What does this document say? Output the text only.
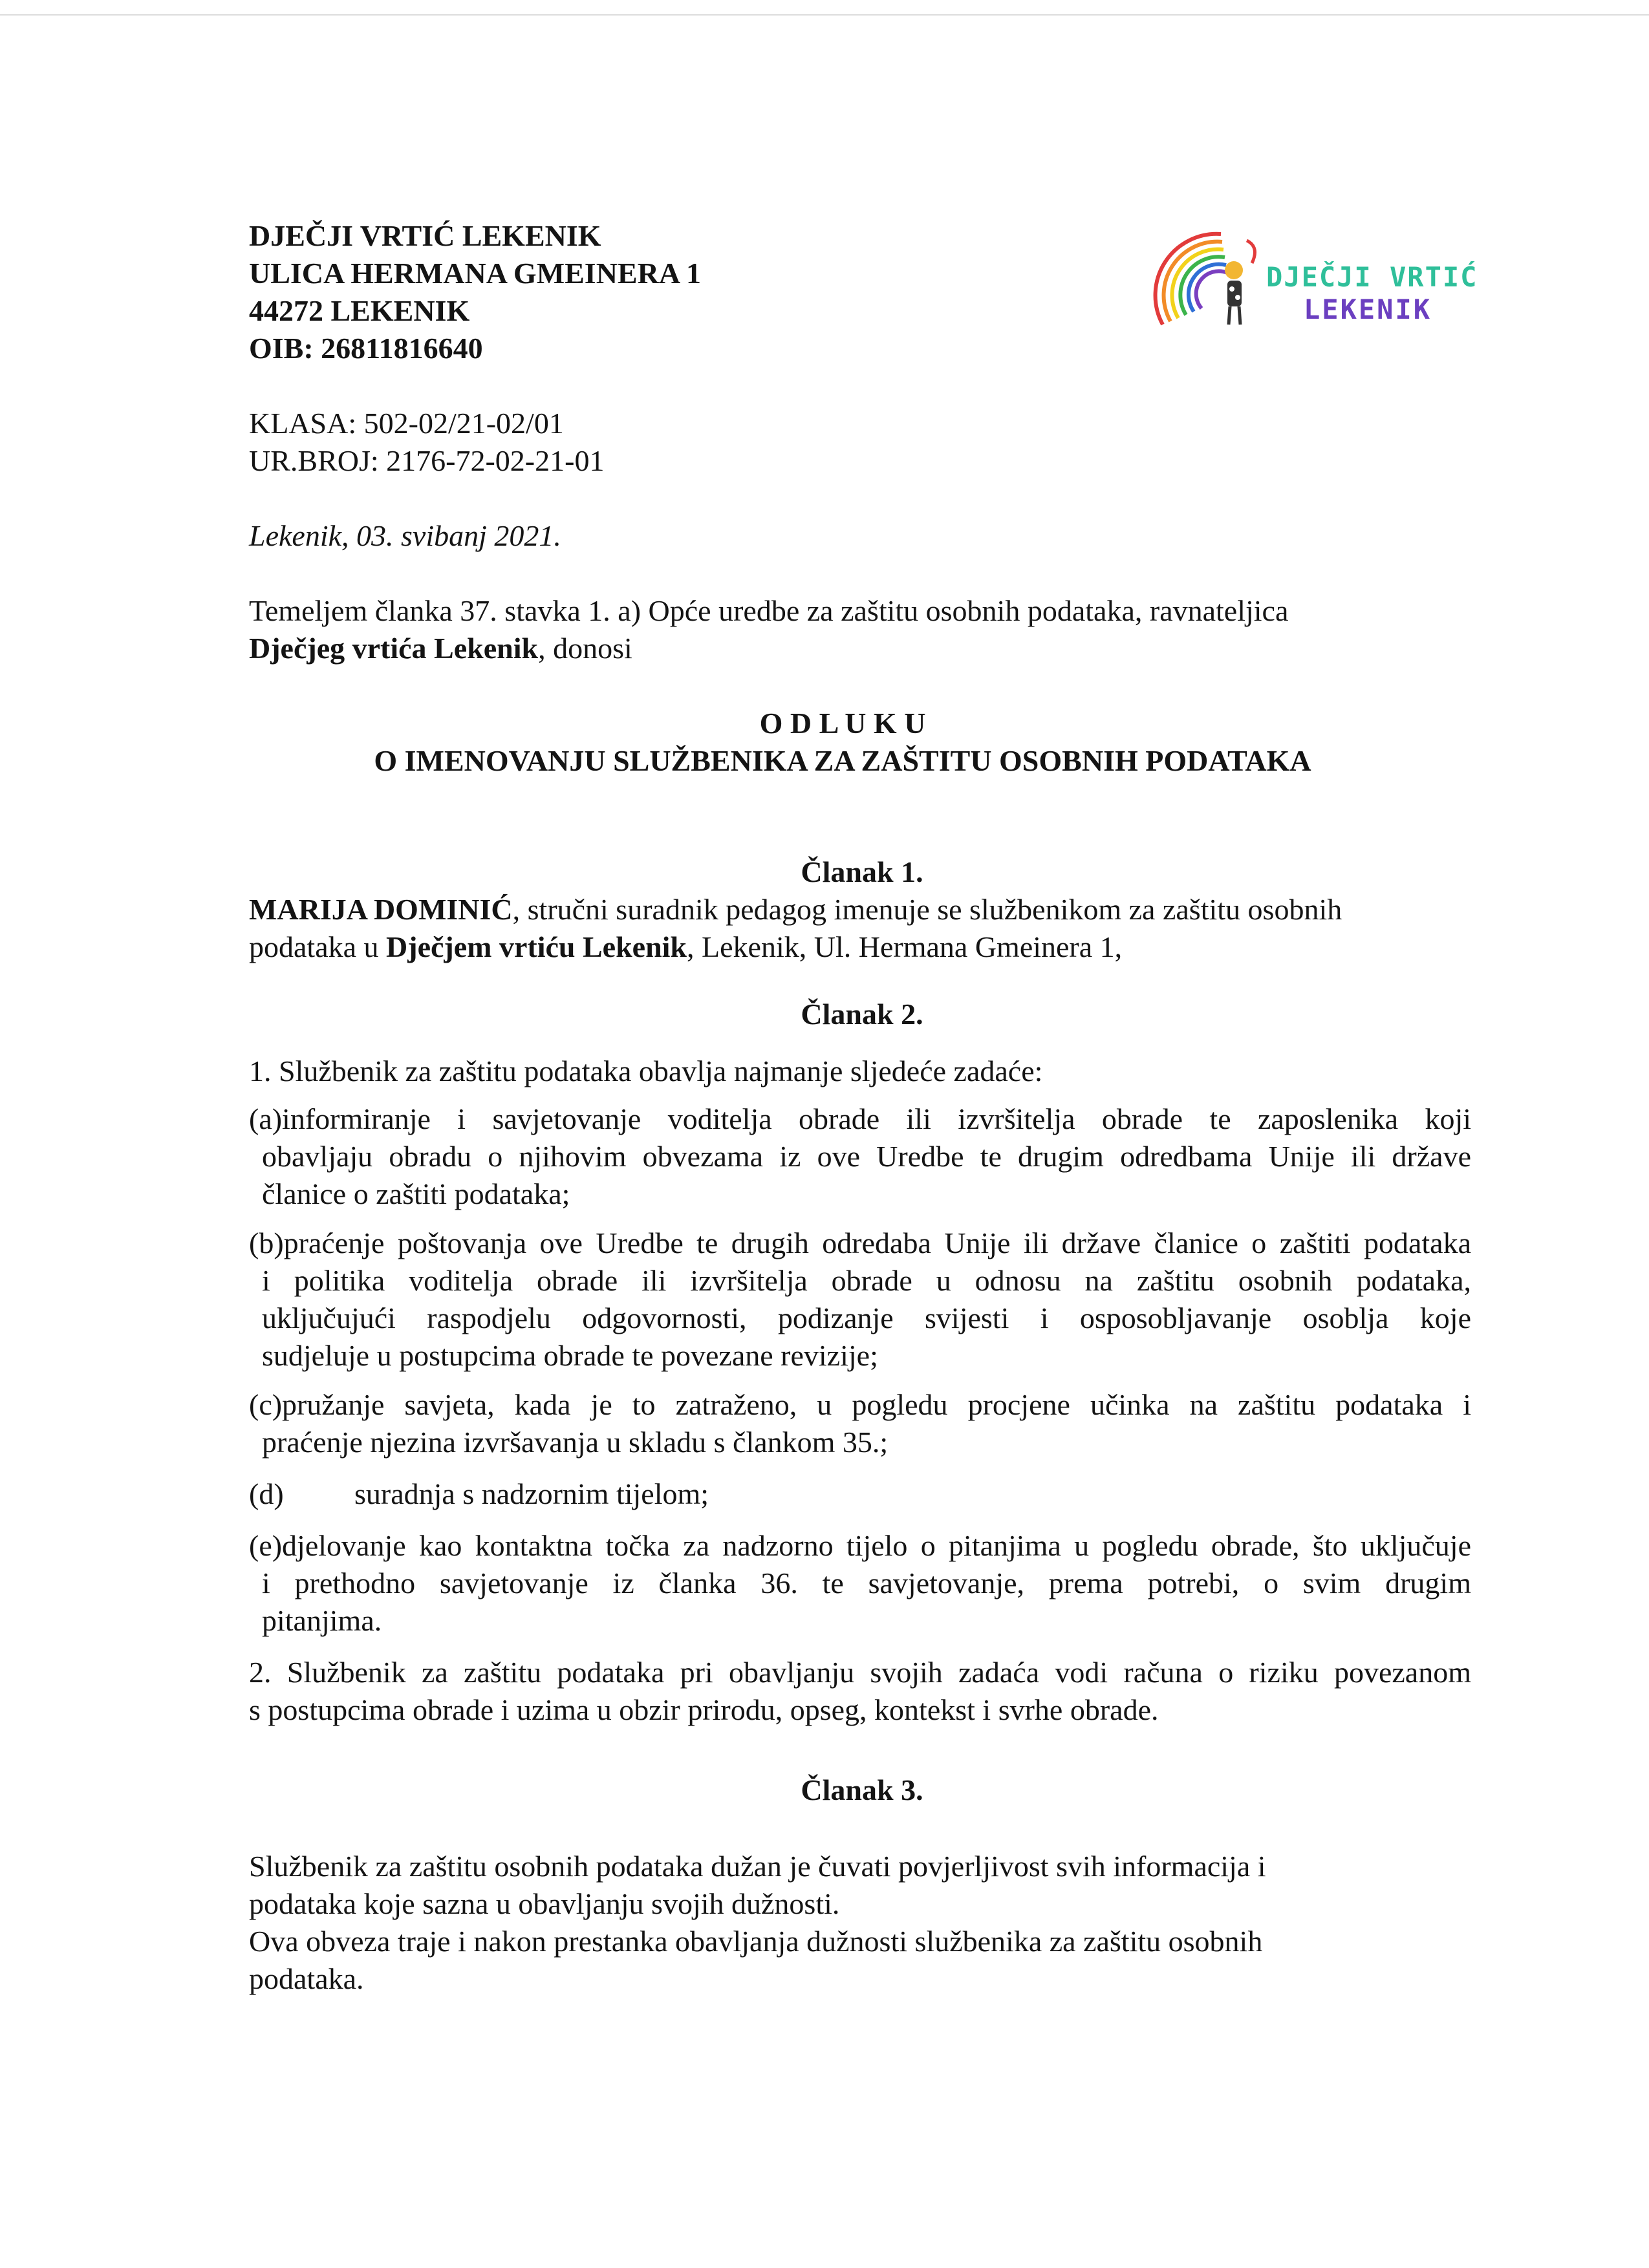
DJEČJI VRTIĆ LEKENIK
ULICA HERMANA GMEINERA 1
44272 LEKENIK
OIB: 26811816640
DJEČJI VRTIĆ
LEKENIK
KLASA: 502-02/21-02/01
UR.BROJ: 2176-72-02-21-01
Lekenik, 03. svibanj 2021.
Temeljem članka 37. stavka 1. a) Opće uredbe za zaštitu osobnih podataka, ravnateljica
Dječjeg vrtića Lekenik, donosi
O D L U K U
O IMENOVANJU SLUŽBENIKA ZA ZAŠTITU OSOBNIH PODATAKA
Članak 1.
MARIJA DOMINIĆ, stručni suradnik pedagog imenuje se službenikom za zaštitu osobnih
podataka u Dječjem vrtiću Lekenik, Lekenik, Ul. Hermana Gmeinera 1,
Članak 2.
1. Službenik za zaštitu podataka obavlja najmanje sljedeće zadaće:
(a)informiranje i savjetovanje voditelja obrade ili izvršitelja obrade te zaposlenika koji
obavljaju obradu o njihovim obvezama iz ove Uredbe te drugim odredbama Unije ili države
članice o zaštiti podataka;
(b)praćenje poštovanja ove Uredbe te drugih odredaba Unije ili države članice o zaštiti podataka
i politika voditelja obrade ili izvršitelja obrade u odnosu na zaštitu osobnih podataka,
uključujući raspodjelu odgovornosti, podizanje svijesti i osposobljavanje osoblja koje
sudjeluje u postupcima obrade te povezane revizije;
(c)pružanje savjeta, kada je to zatraženo, u pogledu procjene učinka na zaštitu podataka i
praćenje njezina izvršavanja u skladu s člankom 35.;
(d) suradnja s nadzornim tijelom;
(e)djelovanje kao kontaktna točka za nadzorno tijelo o pitanjima u pogledu obrade, što uključuje
i prethodno savjetovanje iz članka 36. te savjetovanje, prema potrebi, o svim drugim
pitanjima.
2. Službenik za zaštitu podataka pri obavljanju svojih zadaća vodi računa o riziku povezanom
s postupcima obrade i uzima u obzir prirodu, opseg, kontekst i svrhe obrade.
Članak 3.
Službenik za zaštitu osobnih podataka dužan je čuvati povjerljivost svih informacija i
podataka koje sazna u obavljanju svojih dužnosti.
Ova obveza traje i nakon prestanka obavljanja dužnosti službenika za zaštitu osobnih
podataka.
